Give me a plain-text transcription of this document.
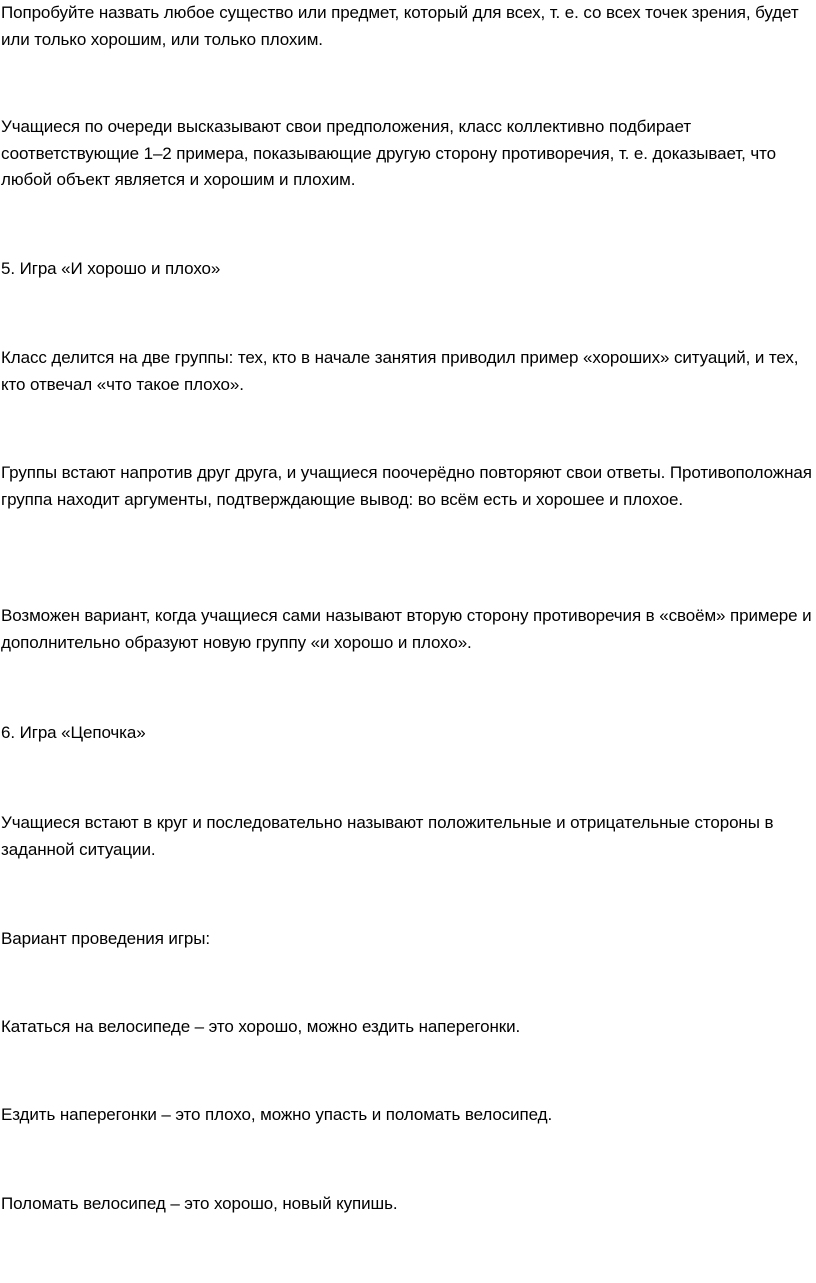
Попробуйте назвать любое существо или предмет, который для всех, т. е. со всех точек зрения, будет или только хорошим, или только плохим.

Учащиеся по очереди высказывают свои предположения, класс коллективно подбирает соответствующие 1–2 примера, показывающие другую сторону противоречия, т. е. доказывает, что любой объект является и хорошим и плохим.

5. Игра «И хорошо и плохо»

Класс делится на две группы: тех, кто в начале занятия приводил пример «хороших» ситуаций, и тех, кто отвечал «что такое плохо».

Группы встают напротив друг друга, и учащиеся поочерёдно повторяют свои ответы. Противоположная группа находит аргументы, подтверждающие вывод: во всём есть и хорошее и плохое.

Возможен вариант, когда учащиеся сами называют вторую сторону противоречия в «своём» примере и дополнительно образуют новую группу «и хорошо и плохо».

6. Игра «Цепочка»

Учащиеся встают в круг и последовательно называют положительные и отрицательные стороны в заданной ситуации.

Вариант проведения игры:

Кататься на велосипеде – это хорошо, можно ездить наперегонки.

Ездить наперегонки – это плохо, можно упасть и поломать велосипед.

Поломать велосипед – это хорошо, новый купишь.
